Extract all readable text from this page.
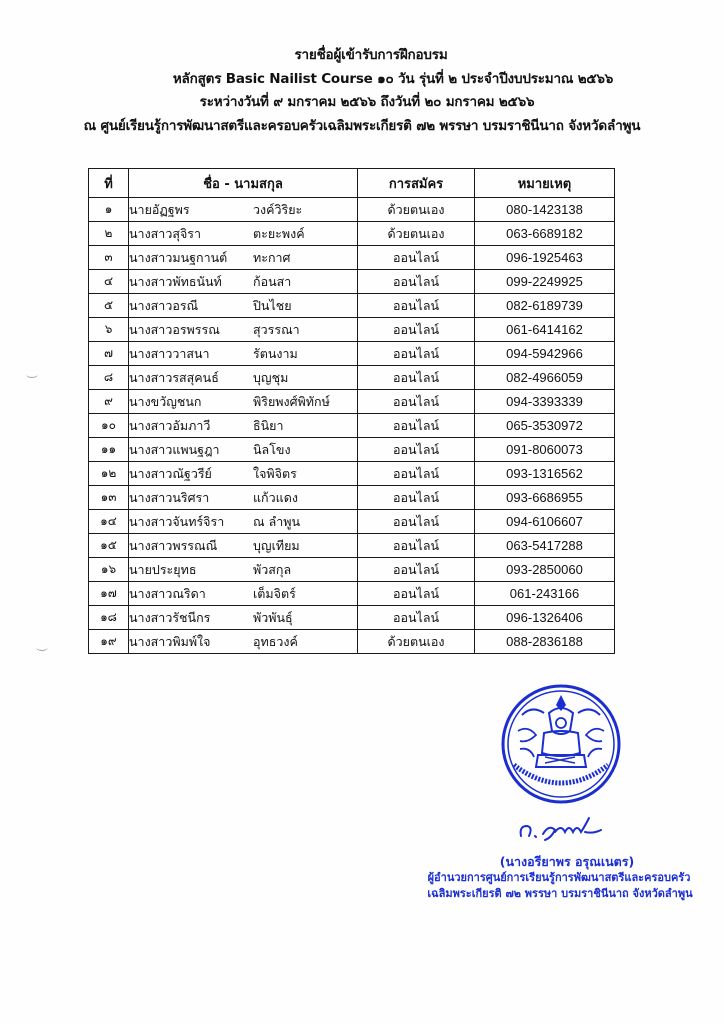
รายชื่อผู้เข้ารับการฝึกอบรม
หลักสูตร Basic Nailist Course ๑๐ วัน รุ่นที่ ๒ ประจำปีงบประมาณ ๒๕๖๖
ระหว่างวันที่ ๙ มกราคม ๒๕๖๖ ถึงวันที่ ๒๐ มกราคม ๒๕๖๖
ณ ศูนย์เรียนรู้การพัฒนาสตรีและครอบครัวเฉลิมพระเกียรติ ๗๒ พรรษา บรมราชินีนาถ จังหวัดลำพูน
ที่	ชื่อ - นามสกุล	การสมัคร	หมายเหตุ
๑	นายอัฏฐพร วงค์วิริยะ	ด้วยตนเอง	080-1423138
๒	นางสาวสุจิรา ตะยะพงค์	ด้วยตนเอง	063-6689182
๓	นางสาวมนฐกานต์ ทะกาศ	ออนไลน์	096-1925463
๔	นางสาวพัทธนันท์ ก้อนสา	ออนไลน์	099-2249925
๕	นางสาวอรณี ปินไชย	ออนไลน์	082-6189739
๖	นางสาวอรพรรณ สุวรรณา	ออนไลน์	061-6414162
๗	นางสาววาสนา รัตนงาม	ออนไลน์	094-5942966
๘	นางสาวรสสุคนธ์ บุญชุม	ออนไลน์	082-4966059
๙	นางขวัญชนก พิริยพงศ์พิทักษ์	ออนไลน์	094-3393339
๑๐	นางสาวอัมภาวี ธินิยา	ออนไลน์	065-3530972
๑๑	นางสาวแพนฐฎา นิลโขง	ออนไลน์	091-8060073
๑๒	นางสาวณัฐวรีย์ ใจพิจิตร	ออนไลน์	093-1316562
๑๓	นางสาวนริศรา แก้วแดง	ออนไลน์	093-6686955
๑๔	นางสาวจันทร์จิรา ณ ลำพูน	ออนไลน์	094-6106607
๑๕	นางสาวพรรณณี บุญเทียม	ออนไลน์	063-5417288
๑๖	นายประยุทธ พัวสกุล	ออนไลน์	093-2850060
๑๗	นางสาวณริดา เต็มจิตร์	ออนไลน์	061-243166
๑๘	นางสาวรัชนีกร พัวพันธุ์	ออนไลน์	096-1326406
๑๙	นางสาวพิมพ์ใจ อุทธวงค์	ด้วยตนเอง	088-2836188
(นางอรียาพร อรุณเนตร)
ผู้อำนวยการศูนย์การเรียนรู้การพัฒนาสตรีและครอบครัว
เฉลิมพระเกียรติ ๗๒ พรรษา บรมราชินีนาถ จังหวัดลำพูน
